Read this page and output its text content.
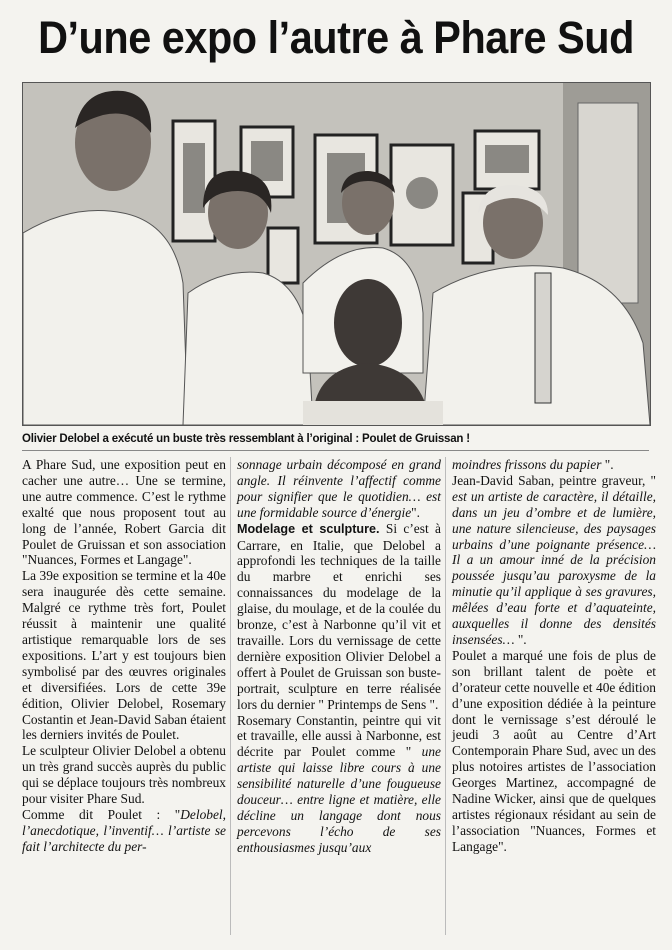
D’une expo l’autre à Phare Sud
Olivier Delobel a exécuté un buste très ressemblant à l’original : Poulet de Gruissan !

A Phare Sud, une exposition peut en cacher une autre… Une se termine, une autre commence. C’est le rythme exalté que nous proposent tout au long de l’année, Robert Garcia dit Poulet de Gruissan et son association "Nuances, Formes et Langage".

La 39e exposition se termine et la 40e sera inaugurée dès cette semaine. Malgré ce rythme très fort, Poulet réussit à maintenir une qualité artistique remarquable lors de ses expositions. L’art y est toujours bien symbolisé par des œuvres originales et diversifiées. Lors de cette 39e édition, Olivier Delobel, Rosemary Costantin et Jean-David Saban étaient les derniers invités de Poulet.

Le sculpteur Olivier Delobel a obtenu un très grand succès auprès du public qui se déplace toujours très nombreux pour visiter Phare Sud.

Comme dit Poulet : "Delobel, l’anecdotique, l’inventif… l’artiste se fait l’architecte du per-

sonnage urbain décomposé en grand angle. Il réinvente l’affectif comme pour signifier que le quotidien… est une formidable source d’énergie".

Modelage et sculpture. Si c’est à Carrare, en Italie, que Delobel a approfondi les techniques de la taille du marbre et enrichi ses connaissances du modelage de la glaise, du moulage, et de la coulée du bronze, c’est à Narbonne qu’il vit et travaille. Lors du vernissage de cette dernière exposition Olivier Delobel a offert à Poulet de Gruissan son buste-portrait, sculpture en terre réalisée lors du dernier " Printemps de Sens ".

Rosemary Constantin, peintre qui vit et travaille, elle aussi à Narbonne, est décrite par Poulet comme " une artiste qui laisse libre cours à une sensibilité naturelle d’une fougueuse douceur… entre ligne et matière, elle décline un langage dont nous percevons l’écho de ses enthousiasmes jusqu’aux

moindres frissons du papier ".

Jean-David Saban, peintre graveur, " est un artiste de caractère, il détaille, dans un jeu d’ombre et de lumière, une nature silencieuse, des paysages urbains d’une poignante présence… Il a un amour inné de la précision poussée jusqu’au paroxysme de la minutie qu’il applique à ses gravures, mêlées d’eau forte et d’aquateinte, auxquelles il donne des densités insensées… ".

Poulet a marqué une fois de plus de son brillant talent de poète et d’orateur cette nouvelle et 40e édition d’une exposition dédiée à la peinture dont le vernissage s’est déroulé le jeudi 3 août au Centre d’Art Contemporain Phare Sud, avec un des plus notoires artistes de l’association Georges Martinez, accompagné de Nadine Wicker, ainsi que de quelques artistes régionaux résidant au sein de l’association "Nuances, Formes et Langage".
